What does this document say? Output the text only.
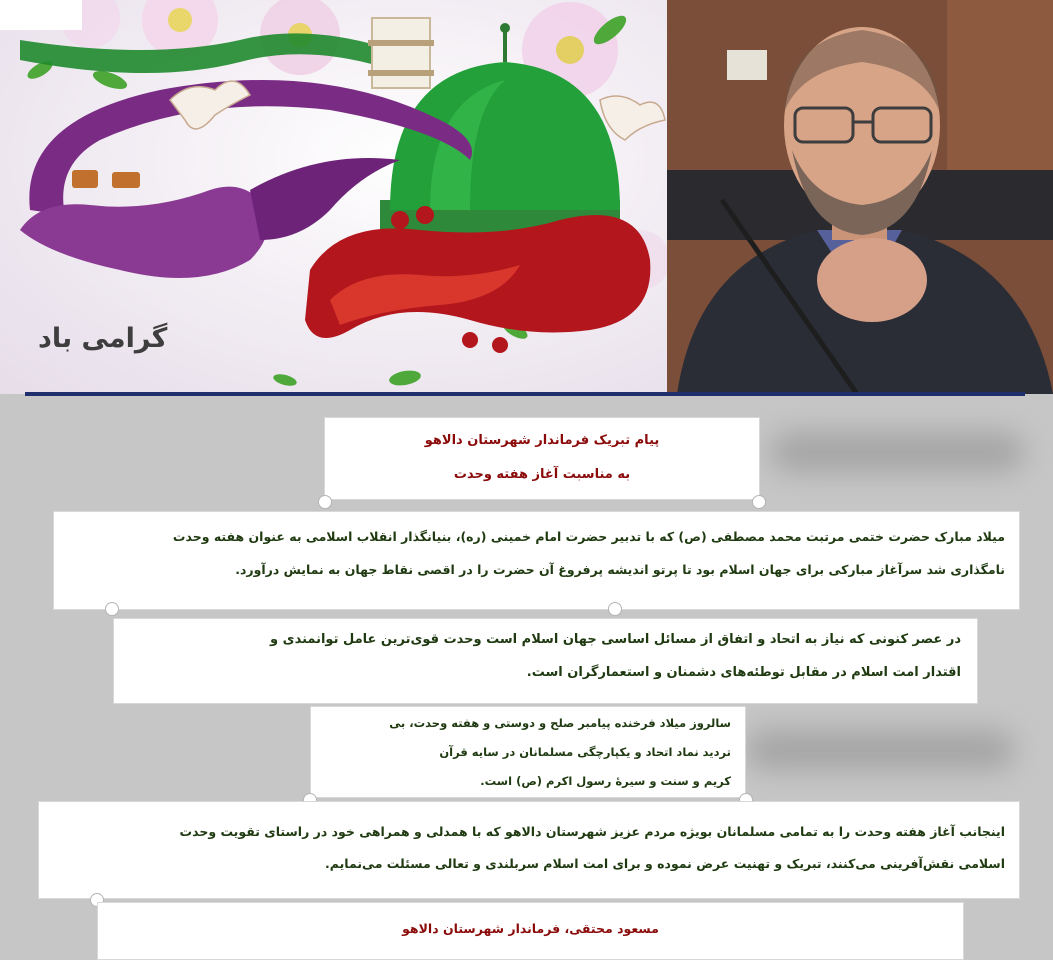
گرامی باد
پیام تبریک فرماندار شهرستان دالاهو
به مناسبت آغاز هفته وحدت
میلاد مبارک حضرت ختمی مرتبت محمد مصطفی (ص) که با تدبیر حضرت امام خمینی (ره)، بنیانگذار انقلاب اسلامی به عنوان هفته وحدت
نامگذاری شد سرآغاز مبارکی برای جهان اسلام بود تا پرتو اندیشه پرفروغ آن حضرت را در اقصی نقاط جهان به نمایش درآورد.
در عصر کنونی که نیاز به اتحاد و اتفاق از مسائل اساسی جهان اسلام است وحدت قوی‌ترین عامل توانمندی و
اقتدار امت اسلام در مقابل توطئه‌های دشمنان و استعمارگران است.
سالروز میلاد فرخنده پیامبر صلح و دوستی و هفته وحدت، بی
تردید نماد اتحاد و یکپارچگی مسلمانان در سایه قرآن
کریم و سنت و سیرهٔ رسول اکرم (ص) است.
اینجانب آغاز هفته وحدت را به تمامی مسلمانان بویژه مردم عزیز شهرستان دالاهو که با همدلی و همراهی خود در راستای تقویت وحدت
اسلامی نقش‌آفرینی می‌کنند، تبریک و تهنیت عرض نموده و برای امت اسلام سربلندی و تعالی مسئلت می‌نمایم.
مسعود محتقی، فرماندار شهرستان دالاهو
